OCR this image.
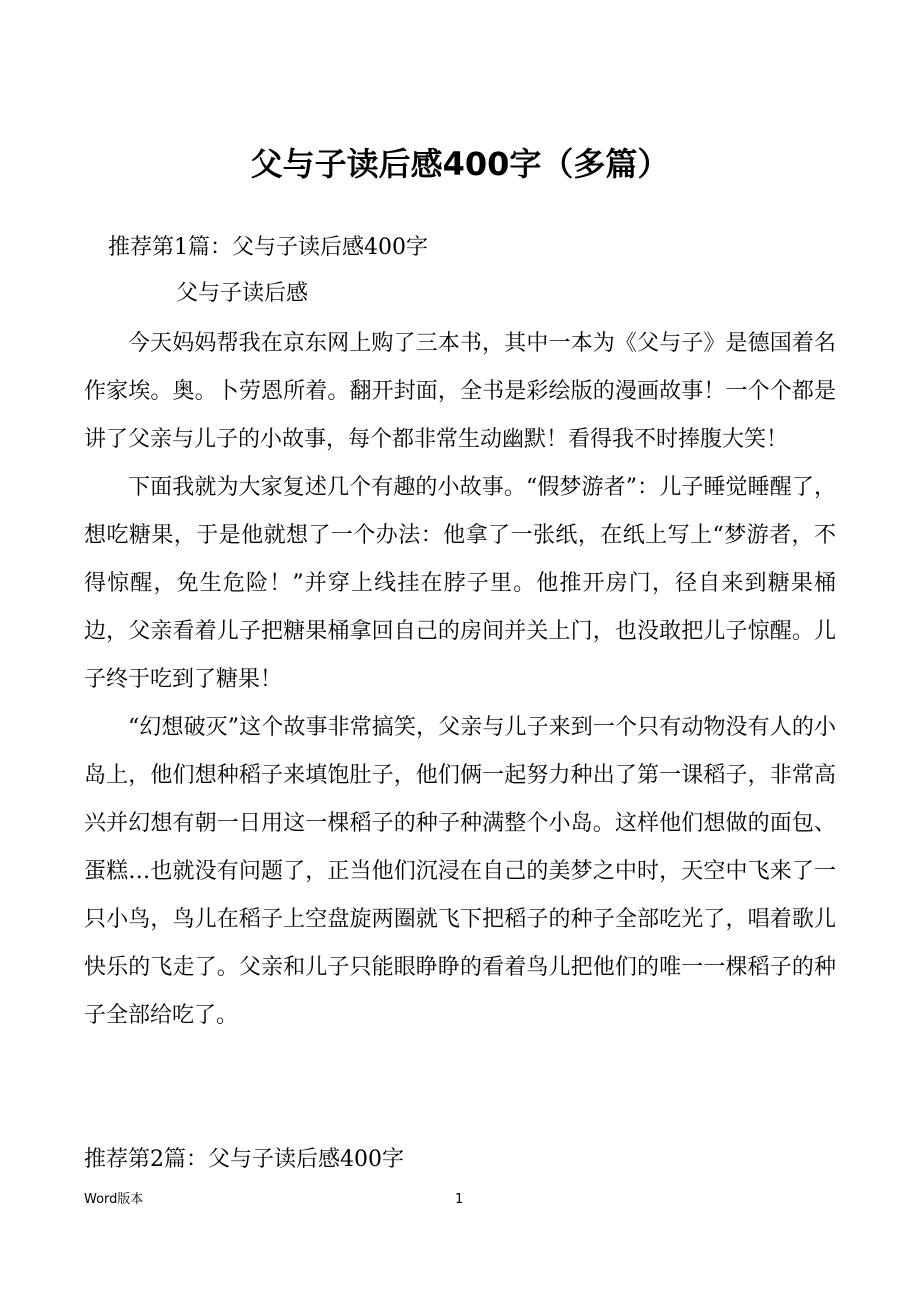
父与子读后感400字（多篇）
推荐第1篇：父与子读后感400字
父与子读后感

今天妈妈帮我在京东网上购了三本书，其中一本为《父与子》是德国着名作家埃。奥。卜劳恩所着。翻开封面，全书是彩绘版的漫画故事！一个个都是讲了父亲与儿子的小故事，每个都非常生动幽默！看得我不时捧腹大笑！

下面我就为大家复述几个有趣的小故事。“假梦游者”：儿子睡觉睡醒了，想吃糖果，于是他就想了一个办法：他拿了一张纸，在纸上写上“梦游者，不得惊醒，免生危险！”并穿上线挂在脖子里。他推开房门，径自来到糖果桶边，父亲看着儿子把糖果桶拿回自己的房间并关上门，也没敢把儿子惊醒。儿子终于吃到了糖果！

“幻想破灭”这个故事非常搞笑，父亲与儿子来到一个只有动物没有人的小岛上，他们想种稻子来填饱肚子，他们俩一起努力种出了第一课稻子，非常高兴并幻想有朝一日用这一棵稻子的种子种满整个小岛。这样他们想做的面包、蛋糕…也就没有问题了，正当他们沉浸在自己的美梦之中时，天空中飞来了一只小鸟，鸟儿在稻子上空盘旋两圈就飞下把稻子的种子全部吃光了，唱着歌儿快乐的飞走了。父亲和儿子只能眼睁睁的看着鸟儿把他们的唯一一棵稻子的种子全部给吃了。

推荐第2篇：父与子读后感400字
Word版本	1
